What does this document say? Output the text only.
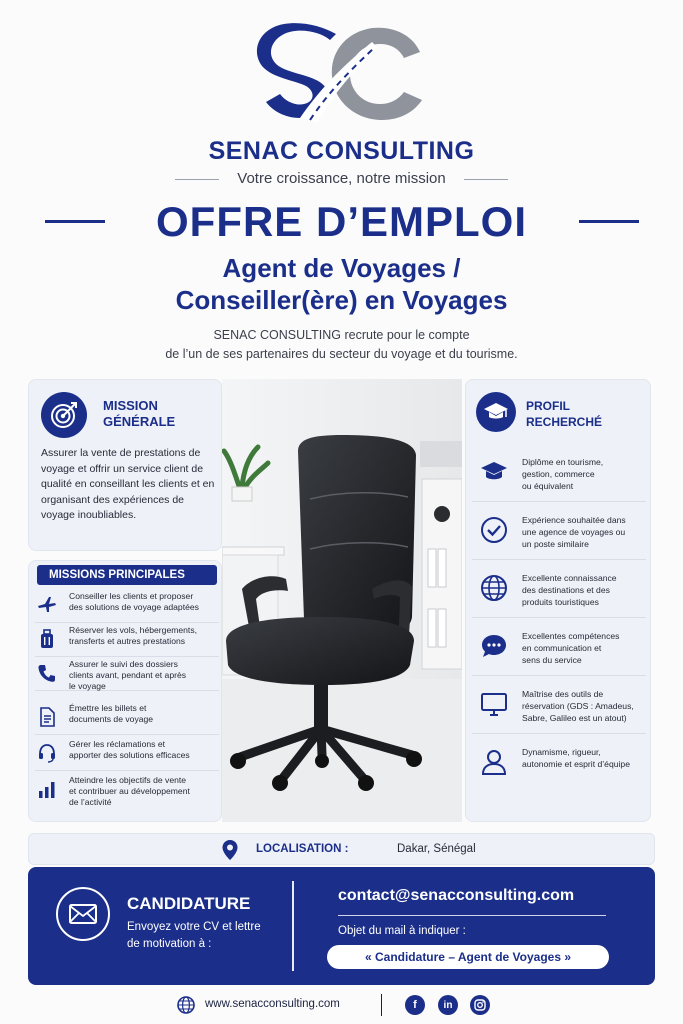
SENAC CONSULTING
Votre croissance, notre mission
OFFRE D’EMPLOI
Agent de Voyages /
Conseiller(ère) en Voyages
SENAC CONSULTING recrute pour le compte
de l’un de ses partenaires du secteur du voyage et du tourisme.
MISSION
GÉNÉRALE
Assurer la vente de prestations de voyage et offrir un service client de qualité en conseillant les clients et en organisant des expériences de voyage inoubliables.
MISSIONS PRINCIPALES
Conseiller les clients et proposer
des solutions de voyage adaptées
Réserver les vols, hébergements,
transferts et autres prestations
Assurer le suivi des dossiers
clients avant, pendant et après
le voyage
Émettre les billets et
documents de voyage
Gérer les réclamations et
apporter des solutions efficaces
Atteindre les objectifs de vente
et contribuer au développement
de l’activité
PROFIL
RECHERCHÉ
Diplôme en tourisme,
gestion, commerce
ou équivalent
Expérience souhaitée dans
une agence de voyages ou
un poste similaire
Excellente connaissance
des destinations et des
produits touristiques
Excellentes compétences
en communication et
sens du service
Maîtrise des outils de
réservation (GDS : Amadeus,
Sabre, Galileo est un atout)
Dynamisme, rigueur,
autonomie et esprit d’équipe
LOCALISATION :	Dakar, Sénégal
CANDIDATURE
Envoyez votre CV et lettre
de motivation à :
contact@senacconsulting.com
Objet du mail à indiquer :
« Candidature – Agent de Voyages »
www.senacconsulting.com	f	in
